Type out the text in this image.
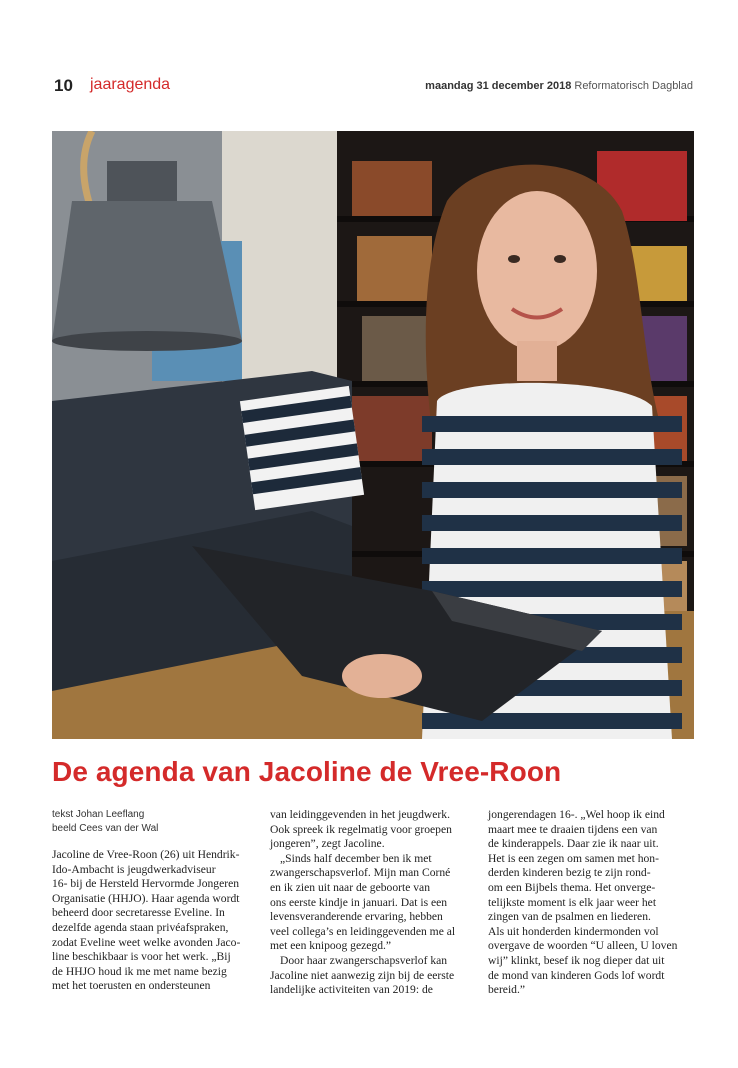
10 jaaragenda	maandag 31 december 2018 Reformatorisch Dagblad
De agenda van Jacoline de Vree-Roon
tekst Johan Leeflang
beeld Cees van der Wal

Jacoline de Vree-Roon (26) uit Hendrik-

Ido-Ambacht is jeugdwerkadviseur

16- bij de Hersteld Hervormde Jongeren

Organisatie (HHJO). Haar agenda wordt

beheerd door secretaresse Eveline. In

dezelfde agenda staan privéafspraken,

zodat Eveline weet welke avonden Jaco-

line beschikbaar is voor het werk. „Bij

de HHJO houd ik me met name bezig

met het toerusten en ondersteunen

van leidinggevenden in het jeugdwerk.

Ook spreek ik regelmatig voor groepen

jongeren”, zegt Jacoline.

„Sinds half december ben ik met

zwangerschapsverlof. Mijn man Corné

en ik zien uit naar de geboorte van

ons eerste kindje in januari. Dat is een

levensveranderende ervaring, hebben

veel collega’s en leidinggevenden me al

met een knipoog gezegd.”

Door haar zwangerschapsverlof kan

Jacoline niet aanwezig zijn bij de eerste

landelijke activiteiten van 2019: de

jongerendagen 16-. „Wel hoop ik eind

maart mee te draaien tijdens een van

de kinderappels. Daar zie ik naar uit.

Het is een zegen om samen met hon-

derden kinderen bezig te zijn rond-

om een Bijbels thema. Het onverge-

telijkste moment is elk jaar weer het

zingen van de psalmen en liederen.

Als uit honderden kindermonden vol

overgave de woorden “U alleen, U loven

wij” klinkt, besef ik nog dieper dat uit

de mond van kinderen Gods lof wordt

bereid.”
